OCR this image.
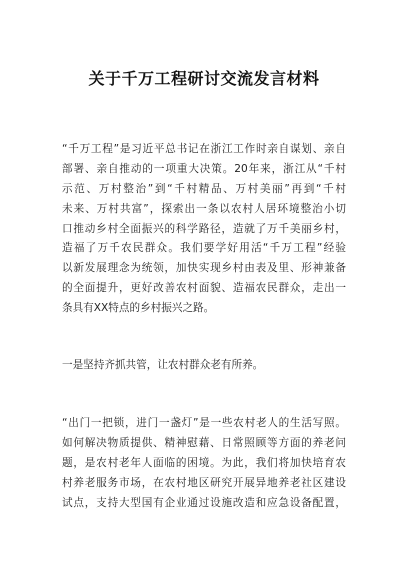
关于千万工程研讨交流发言材料
“千万工程”是习近平总书记在浙江工作时亲自谋划、亲自
部署、亲自推动的一项重大决策。20年来，浙江从“千村
示范、万村整治”到“千村精品、万村美丽”再到“千村
未来、万村共富”，探索出一条以农村人居环境整治小切
口推动乡村全面振兴的科学路径，造就了万千美丽乡村，
造福了万千农民群众。我们要学好用活“千万工程”经验
以新发展理念为统领，加快实现乡村由表及里、形神兼备
的全面提升，更好改善农村面貌、造福农民群众，走出一
条具有XX特点的乡村振兴之路。
一是坚持齐抓共管，让农村群众老有所养。
“出门一把锁，进门一盏灯”是一些农村老人的生活写照。
如何解决物质提供、精神慰藉、日常照顾等方面的养老问
题，是农村老年人面临的困境。为此，我们将加快培育农
村养老服务市场，在农村地区研究开展异地养老社区建设
试点，支持大型国有企业通过设施改造和应急设备配置，
